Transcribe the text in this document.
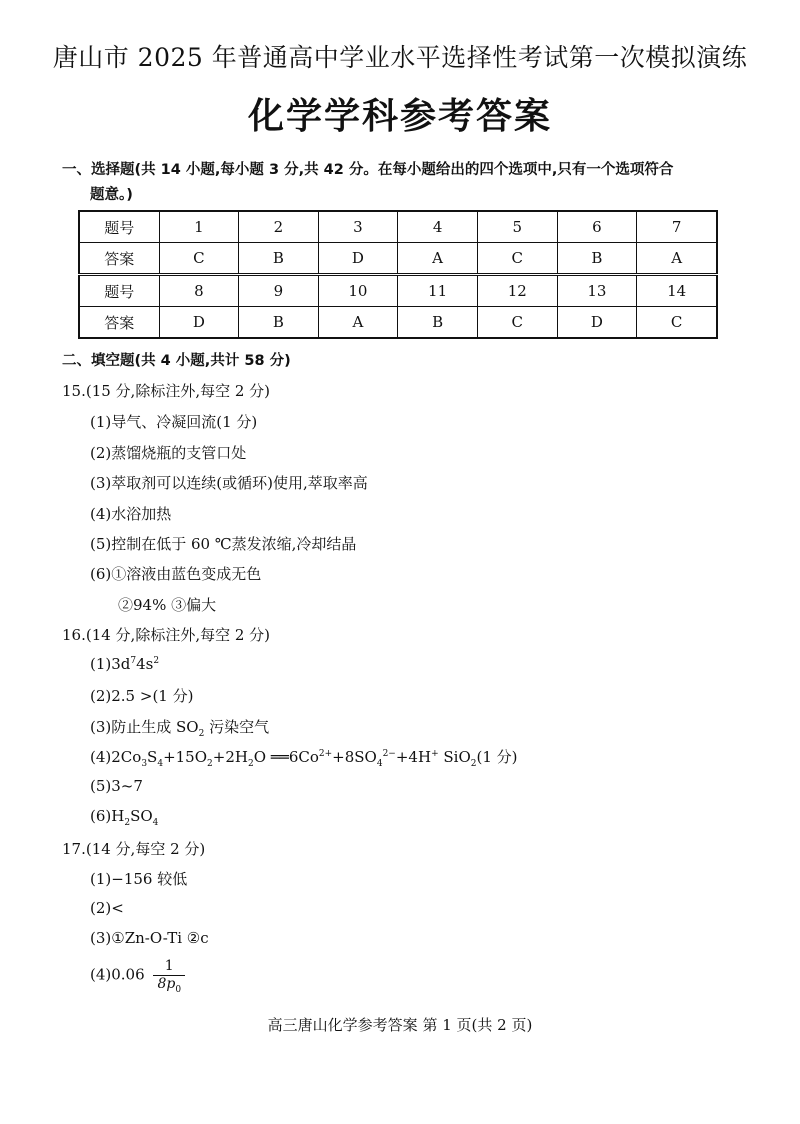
唐山市 2025 年普通高中学业水平选择性考试第一次模拟演练
化学学科参考答案
一、选择题(共 14 小题,每小题 3 分,共 42 分。在每小题给出的四个选项中,只有一个选项符合
题意。)
题号	1	2	3	4	5	6	7
答案	C	B	D	A	C	B	A
题号	8	9	10	11	12	13	14
答案	D	B	A	B	C	D	C
二、填空题(共 4 小题,共计 58 分)
15.(15 分,除标注外,每空 2 分)
(1)导气、冷凝回流(1 分)
(2)蒸馏烧瓶的支管口处
(3)萃取剂可以连续(或循环)使用,萃取率高
(4)水浴加热
(5)控制在低于 60 ℃蒸发浓缩,冷却结晶
(6)①溶液由蓝色变成无色
②94% ③偏大
16.(14 分,除标注外,每空 2 分)
$(1)3d^74s^2$
(2)2.5 >(1 分)
(3)防止生成 $SO_2$ 污染空气
$(4)2Co_3S_4+15O_2+2H_2O$ $══6Co^{2+}+8SO_4^{2-}+4H^+$ SiO$_2$(1 分)
(5)3~7
$(6)H_2SO_4$
17.(14 分,每空 2 分)
(1)−156 较低
(2)<
(3)①Zn-O-Ti ②c
$(4)0.06 \frac{1}{8p_0}$
高三唐山化学参考答案 第 1 页(共 2 页)
